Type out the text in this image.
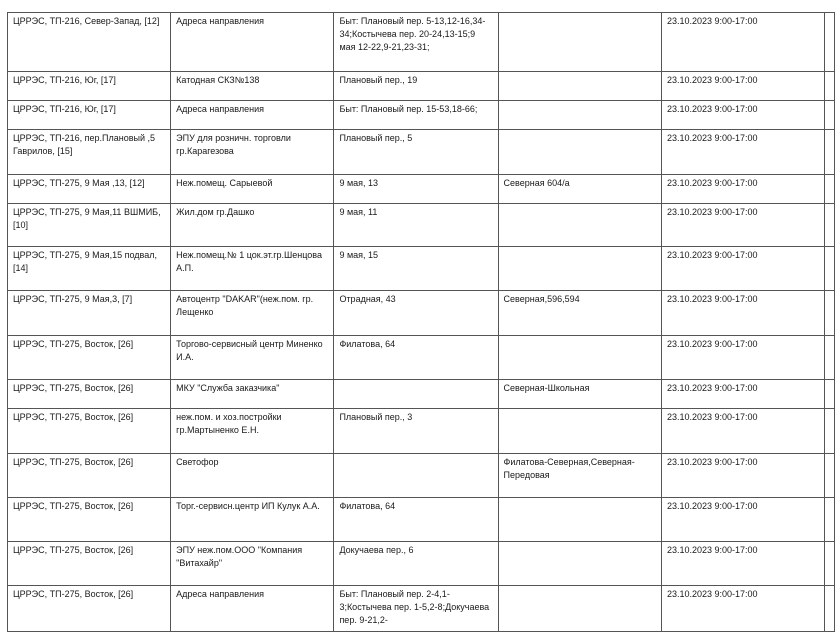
ЦРРЭС, ТП-216, Север-Запад, [12]	Адреса направления	Быт: Плановый пер. 5-13,12-16,34-34;Костычева пер. 20-24,13-15;9 мая 12-22,9-21,23-31;		23.10.2023 9:00-17:00	
ЦРРЭС, ТП-216, Юг, [17]	Катодная СКЗ№138	Плановый пер., 19		23.10.2023 9:00-17:00	
ЦРРЭС, ТП-216, Юг, [17]	Адреса направления	Быт: Плановый пер. 15-53,18-66;		23.10.2023 9:00-17:00	
ЦРРЭС, ТП-216, пер.Плановый ,5 Гаврилов, [15]	ЭПУ для розничн. торговли гр.Карагезова	Плановый пер., 5		23.10.2023 9:00-17:00	
ЦРРЭС, ТП-275, 9 Мая ,13, [12]	Неж.помещ. Сарыевой	9 мая, 13	Северная 604/а	23.10.2023 9:00-17:00	
ЦРРЭС, ТП-275, 9 Мая,11 ВШМИБ, [10]	Жил.дом гр.Дашко	9 мая, 11		23.10.2023 9:00-17:00	
ЦРРЭС, ТП-275, 9 Мая,15 подвал, [14]	Неж.помещ.№ 1 цок.эт.гр.Шенцова А.П.	9 мая, 15		23.10.2023 9:00-17:00	
ЦРРЭС, ТП-275, 9 Мая,3, [7]	Автоцентр "DAKAR"(неж.пом. гр. Лещенко	Отрадная, 43	Северная,596,594	23.10.2023 9:00-17:00	
ЦРРЭС, ТП-275, Восток, [26]	Торгово-сервисный центр Миненко И.А.	Филатова, 64		23.10.2023 9:00-17:00	
ЦРРЭС, ТП-275, Восток, [26]	МКУ "Служба заказчика"		Северная-Школьная	23.10.2023 9:00-17:00	
ЦРРЭС, ТП-275, Восток, [26]	неж.пом. и хоз.постройки гр.Мартыненко Е.Н.	Плановый пер., 3		23.10.2023 9:00-17:00	
ЦРРЭС, ТП-275, Восток, [26]	Светофор		Филатова-Северная,Северная-Передовая	23.10.2023 9:00-17:00	
ЦРРЭС, ТП-275, Восток, [26]	Торг.-сервисн.центр ИП Кулук А.А.	Филатова, 64		23.10.2023 9:00-17:00	
ЦРРЭС, ТП-275, Восток, [26]	ЭПУ неж.пом.ООО "Компания "Витахайр"	Докучаева пер., 6		23.10.2023 9:00-17:00	
ЦРРЭС, ТП-275, Восток, [26]	Адреса направления	Быт: Плановый пер. 2-4,1-3;Костычева пер. 1-5,2-8;Докучаева пер. 9-21,2-		23.10.2023 9:00-17:00	
